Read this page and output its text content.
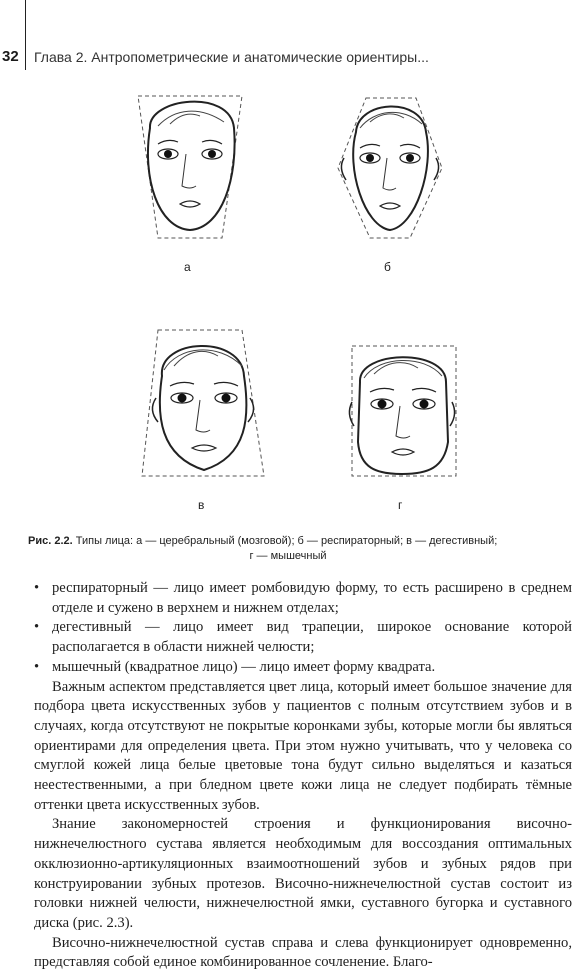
32 Глава 2. Антропометрические и анатомические ориентиры...
а	б
в	г
Рис. 2.2. Типы лица: а — церебральный (мозговой); б — респираторный; в — дегестивный;
г — мышечный
• респираторный — лицо имеет ромбовидую форму, то есть расширено в среднем отделе и сужено в верхнем и нижнем отделах;
• дегестивный — лицо имеет вид трапеции, широкое основание которой располагается в области нижней челюсти;
• мышечный (квадратное лицо) — лицо имеет форму квадрата.

Важным аспектом представляется цвет лица, который имеет большое значение для подбора цвета искусственных зубов у пациентов с полным отсутствием зубов и в случаях, когда отсутствуют не покрытые коронками зубы, которые могли бы являться ориентирами для определения цвета. При этом нужно учитывать, что у человека со смуглой кожей лица белые цветовые тона будут сильно выделяться и казаться неестественными, а при бледном цвете кожи лица не следует подбирать тёмные оттенки цвета искусственных зубов.

Знание закономерностей строения и функционирования височно-нижнечелюстного сустава является необходимым для воссоздания оптимальных окклюзионно-артикуляционных взаимоотношений зубов и зубных рядов при конструировании зубных протезов. Височно-нижнечелюстной сустав состоит из головки нижней челюсти, нижнечелюстной ямки, суставного бугорка и суставного диска (рис. 2.3).

Височно-нижнечелюстной сустав справа и слева функционирует одновременно, представляя собой единое комбинированное сочленение. Благо-
